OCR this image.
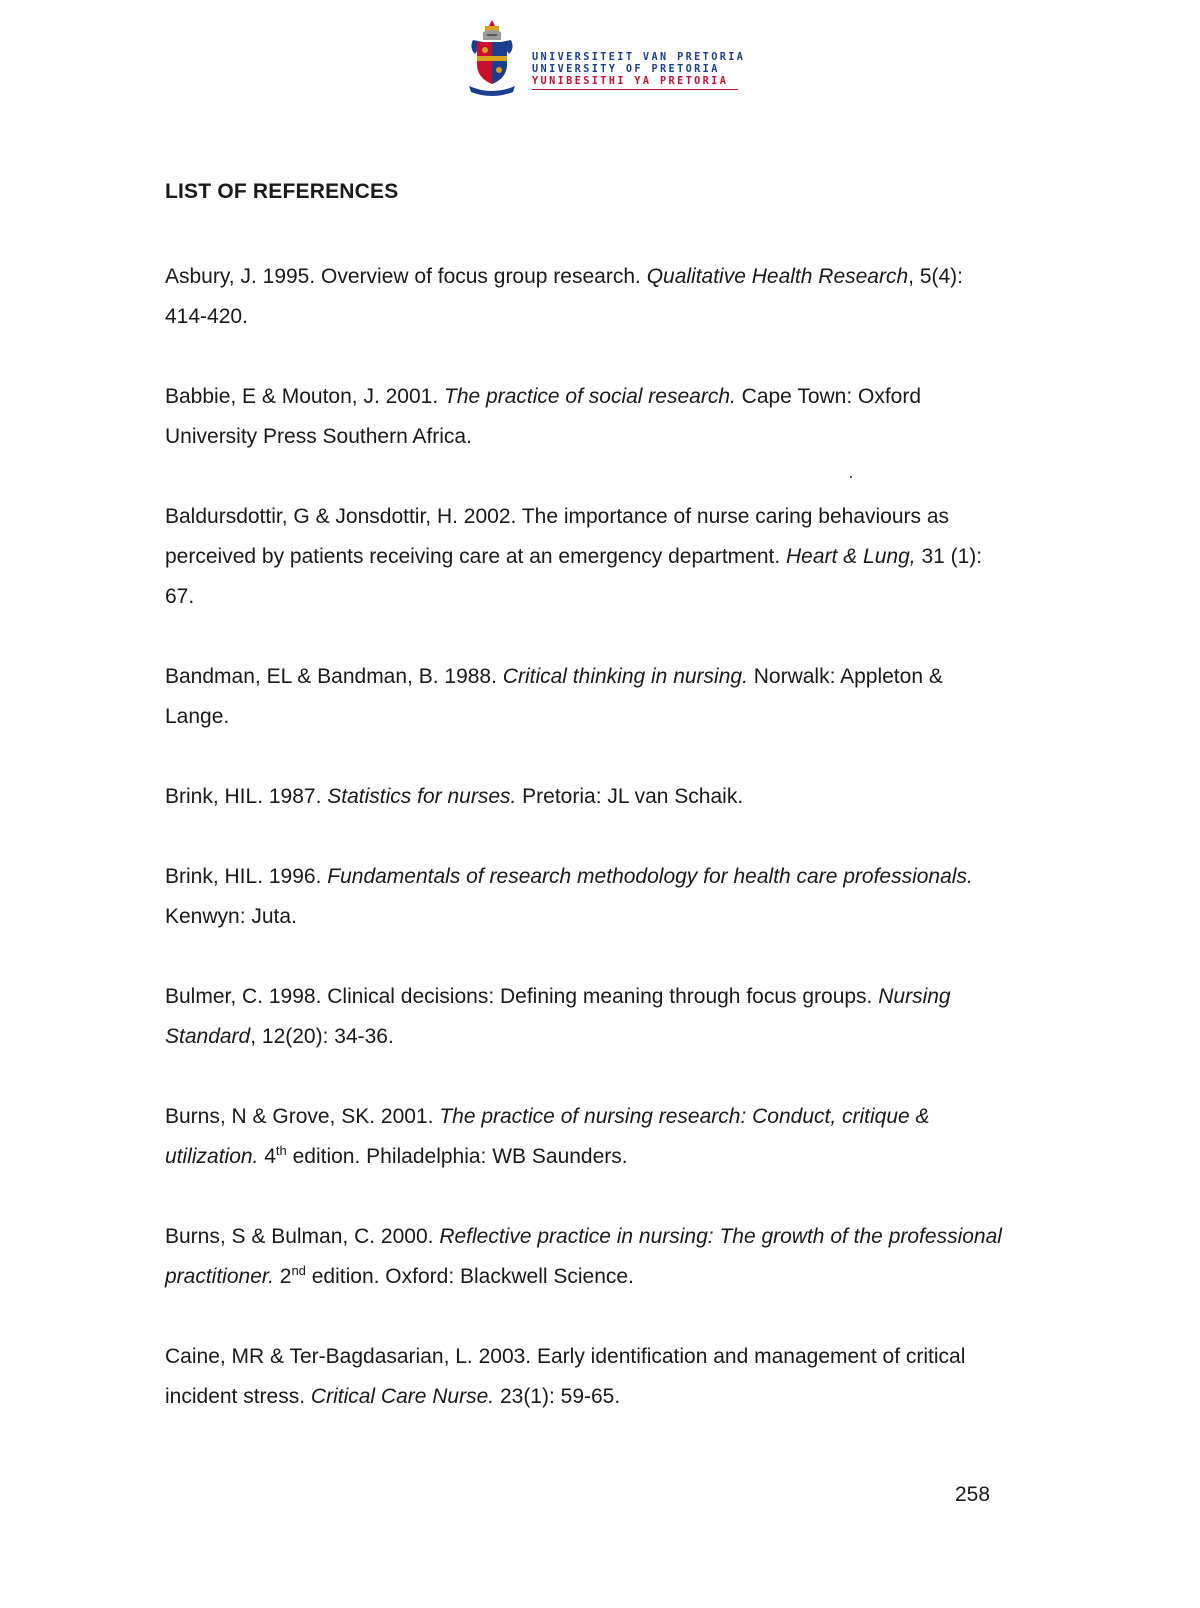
UNIVERSITEIT VAN PRETORIA
UNIVERSITY OF PRETORIA
YUNIBESITHI YA PRETORIA
LIST OF REFERENCES

Asbury, J. 1995. Overview of focus group research. Qualitative Health Research, 5(4): 414-420.

Babbie, E & Mouton, J. 2001. The practice of social research. Cape Town: Oxford University Press Southern Africa.

Baldursdottir, G & Jonsdottir, H. 2002. The importance of nurse caring behaviours as perceived by patients receiving care at an emergency department. Heart & Lung, 31 (1): 67.

Bandman, EL & Bandman, B. 1988. Critical thinking in nursing. Norwalk: Appleton & Lange.

Brink, HIL. 1987. Statistics for nurses. Pretoria: JL van Schaik.

Brink, HIL. 1996. Fundamentals of research methodology for health care professionals. Kenwyn: Juta.

Bulmer, C. 1998. Clinical decisions: Defining meaning through focus groups. Nursing Standard, 12(20): 34-36.

Burns, N & Grove, SK. 2001. The practice of nursing research: Conduct, critique & utilization. 4th edition. Philadelphia: WB Saunders.

Burns, S & Bulman, C. 2000. Reflective practice in nursing: The growth of the professional practitioner. 2nd edition. Oxford: Blackwell Science.

Caine, MR & Ter-Bagdasarian, L. 2003. Early identification and management of critical incident stress. Critical Care Nurse. 23(1): 59-65.

258
